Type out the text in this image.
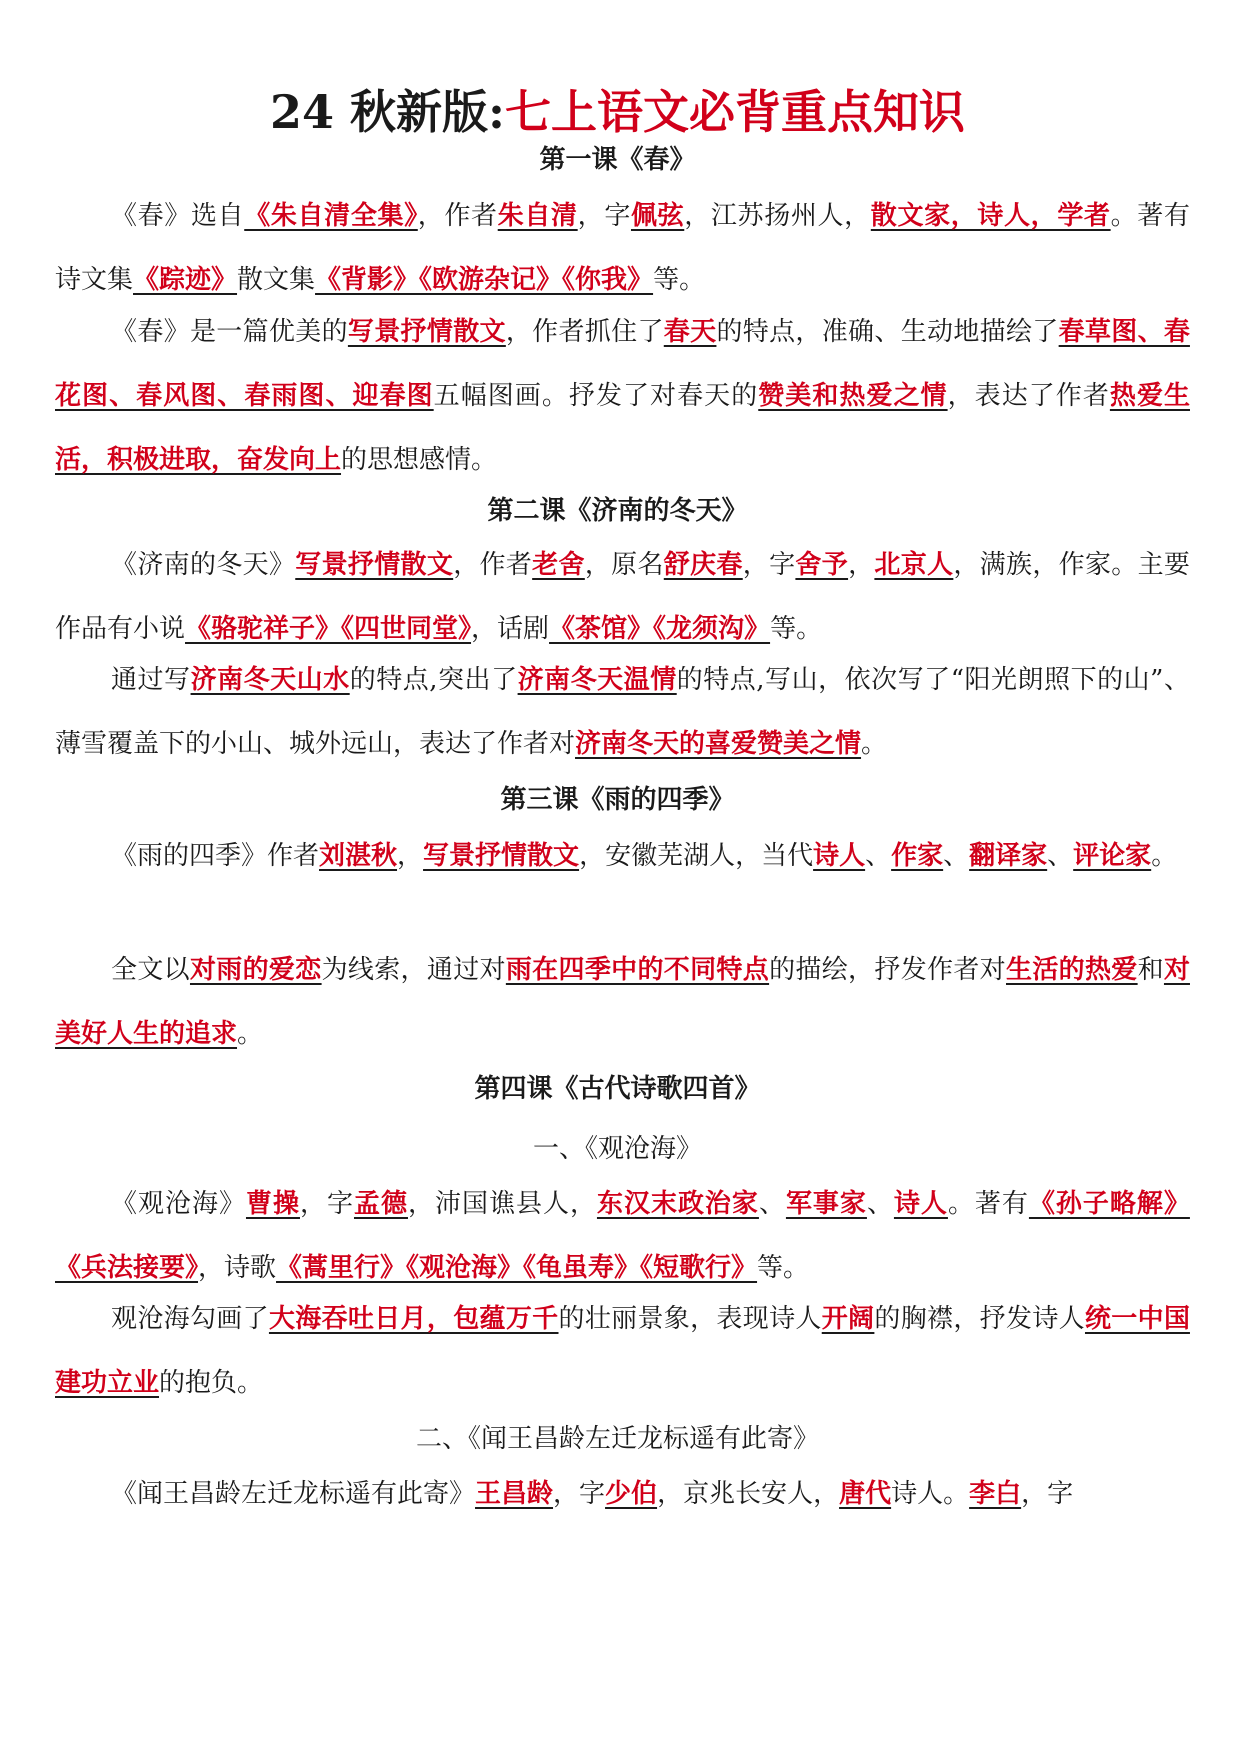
24 秋新版:七上语文必背重点知识
第一课《春》

《春》选自《朱自清全集》，作者朱自清，字佩弦，江苏扬州人，散文家，诗人，学者。著有诗文集《踪迹》散文集《背影》《欧游杂记》《你我》等。

《春》是一篇优美的写景抒情散文，作者抓住了春天的特点，准确、生动地描绘了春草图、春花图、春风图、春雨图、迎春图五幅图画。抒发了对春天的赞美和热爱之情，表达了作者热爱生活，积极进取，奋发向上的思想感情。

第二课《济南的冬天》

《济南的冬天》写景抒情散文，作者老舍，原名舒庆春，字舍予，北京人，满族，作家。主要作品有小说《骆驼祥子》《四世同堂》，话剧《茶馆》《龙须沟》等。

通过写济南冬天山水的特点,突出了济南冬天温情的特点,写山，依次写了“阳光朗照下的山”、薄雪覆盖下的小山、城外远山，表达了作者对济南冬天的喜爱赞美之情。

第三课《雨的四季》

《雨的四季》作者刘湛秋，写景抒情散文，安徽芜湖人，当代诗人、作家、翻译家、评论家。

全文以对雨的爱恋为线索，通过对雨在四季中的不同特点的描绘，抒发作者对生活的热爱和对美好人生的追求。

第四课《古代诗歌四首》
一、《观沧海》

《观沧海》曹操，字孟德，沛国谯县人，东汉末政治家、军事家、诗人。著有《孙子略解》《兵法接要》，诗歌《蒿里行》《观沧海》《龟虽寿》《短歌行》等。

观沧海勾画了大海吞吐日月，包蕴万千的壮丽景象，表现诗人开阔的胸襟，抒发诗人统一中国建功立业的抱负。

二、《闻王昌龄左迁龙标遥有此寄》

《闻王昌龄左迁龙标遥有此寄》王昌龄，字少伯，京兆长安人，唐代诗人。李白，字
